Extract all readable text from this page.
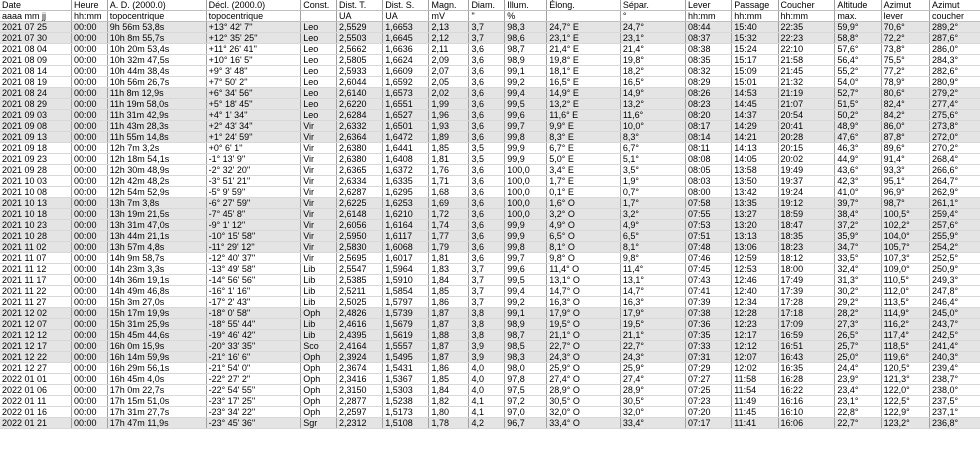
Date	Heure	A. D. (2000.0)	Décl. (2000.0)	Const.	Dist. T.	Dist. S.	Magn.	Diam.	Illum.	Élong.	Sépar.	Lever	Passage	Coucher	Altitude	Azimut	Azimut
aaaa mm jj	hh:mm	topocentrique	topocentrique		UA	UA	mV	"	%		°	hh:mm	hh:mm	hh:mm	max.	lever	coucher
2021 07 25	00:00	9h 56m 53,8s	+13° 42' 7''	Leo	2,5529	1,6653	2,13	3,7	98,3	24,7° E	24,7°	08:44	15:40	22:35	59,9°	70,6°	289,2°
2021 07 30	00:00	10h 8m 55,7s	+12° 35' 25''	Leo	2,5503	1,6645	2,12	3,7	98,6	23,1° E	23,1°	08:37	15:32	22:23	58,8°	72,2°	287,6°
2021 08 04	00:00	10h 20m 53,4s	+11° 26' 41''	Leo	2,5662	1,6636	2,11	3,6	98,7	21,4° E	21,4°	08:38	15:24	22:10	57,6°	73,8°	286,0°
2021 08 09	00:00	10h 32m 47,5s	+10° 16' 5''	Leo	2,5805	1,6624	2,09	3,6	98,9	19,8° E	19,8°	08:35	15:17	21:58	56,4°	75,5°	284,3°
2021 08 14	00:00	10h 44m 38,4s	+9° 3' 48''	Leo	2,5933	1,6609	2,07	3,6	99,1	18,1° E	18,2°	08:32	15:09	21:45	55,2°	77,2°	282,6°
2021 08 19	00:00	10h 56m 26,7s	+7° 50' 2''	Leo	2,6044	1,6592	2,05	3,6	99,2	16,5° E	16,5°	08:29	15:01	21:32	54,0°	78,9°	280,9°
2021 08 24	00:00	11h 8m 12,9s	+6° 34' 56''	Leo	2,6140	1,6573	2,02	3,6	99,4	14,9° E	14,9°	08:26	14:53	21:19	52,7°	80,6°	279,2°
2021 08 29	00:00	11h 19m 58,0s	+5° 18' 45''	Leo	2,6220	1,6551	1,99	3,6	99,5	13,2° E	13,2°	08:23	14:45	21:07	51,5°	82,4°	277,4°
2021 09 03	00:00	11h 31m 42,9s	+4° 1' 34''	Leo	2,6284	1,6527	1,96	3,6	99,6	11,6° E	11,6°	08:20	14:37	20:54	50,2°	84,2°	275,6°
2021 09 08	00:00	11h 43m 28,3s	+2° 43' 34''	Vir	2,6332	1,6501	1,93	3,6	99,7	9,9° E	10,0°	08:17	14:29	20:41	48,9°	86,0°	273,8°
2021 09 13	00:00	11h 55m 14,8s	+1° 24' 59''	Vir	2,6364	1,6472	1,89	3,6	99,8	8,3° E	8,3°	08:14	14:21	20:28	47,6°	87,8°	272,0°
2021 09 18	00:00	12h 7m 3,2s	+0° 6' 1''	Vir	2,6380	1,6441	1,85	3,5	99,9	6,7° E	6,7°	08:11	14:13	20:15	46,3°	89,6°	270,2°
2021 09 23	00:00	12h 18m 54,1s	-1° 13' 9''	Vir	2,6380	1,6408	1,81	3,5	99,9	5,0° E	5,1°	08:08	14:05	20:02	44,9°	91,4°	268,4°
2021 09 28	00:00	12h 30m 48,9s	-2° 32' 20''	Vir	2,6365	1,6372	1,76	3,6	100,0	3,4° E	3,5°	08:05	13:58	19:49	43,6°	93,3°	266,6°
2021 10 03	00:00	12h 42m 48,2s	-3° 51' 21''	Vir	2,6334	1,6335	1,71	3,6	100,0	1,7° E	1,9°	08:03	13:50	19:37	42,3°	95,1°	264,7°
2021 10 08	00:00	12h 54m 52,9s	-5° 9' 59''	Vir	2,6287	1,6295	1,68	3,6	100,0	0,1° E	0,7°	08:00	13:42	19:24	41,0°	96,9°	262,9°
2021 10 13	00:00	13h 7m 3,8s	-6° 27' 59''	Vir	2,6225	1,6253	1,69	3,6	100,0	1,6° O	1,7°	07:58	13:35	19:12	39,7°	98,7°	261,1°
2021 10 18	00:00	13h 19m 21,5s	-7° 45' 8''	Vir	2,6148	1,6210	1,72	3,6	100,0	3,2° O	3,2°	07:55	13:27	18:59	38,4°	100,5°	259,4°
2021 10 23	00:00	13h 31m 47,0s	-9° 1' 12''	Vir	2,6056	1,6164	1,74	3,6	99,9	4,9° O	4,9°	07:53	13:20	18:47	37,2°	102,2°	257,6°
2021 10 28	00:00	13h 44m 21,1s	-10° 15' 58''	Vir	2,5950	1,6117	1,77	3,6	99,9	6,5° O	6,5°	07:51	13:13	18:35	35,9°	104,0°	255,9°
2021 11 02	00:00	13h 57m 4,8s	-11° 29' 12''	Vir	2,5830	1,6068	1,79	3,6	99,8	8,1° O	8,1°	07:48	13:06	18:23	34,7°	105,7°	254,2°
2021 11 07	00:00	14h 9m 58,7s	-12° 40' 37''	Vir	2,5695	1,6017	1,81	3,6	99,7	9,8° O	9,8°	07:46	12:59	18:12	33,5°	107,3°	252,5°
2021 11 12	00:00	14h 23m 3,3s	-13° 49' 58''	Lib	2,5547	1,5964	1,83	3,7	99,6	11,4° O	11,4°	07:45	12:53	18:00	32,4°	109,0°	250,9°
2021 11 17	00:00	14h 36m 19,1s	-14° 56' 56''	Lib	2,5385	1,5910	1,84	3,7	99,5	13,1° O	13,1°	07:43	12:46	17:49	31,3°	110,5°	249,3°
2021 11 22	00:00	14h 49m 46,8s	-16° 1' 16''	Lib	2,5211	1,5854	1,85	3,7	99,4	14,7° O	14,7°	07:41	12:40	17:39	30,2°	112,0°	247,8°
2021 11 27	00:00	15h 3m 27,0s	-17° 2' 43''	Lib	2,5025	1,5797	1,86	3,7	99,2	16,3° O	16,3°	07:39	12:34	17:28	29,2°	113,5°	246,4°
2021 12 02	00:00	15h 17m 19,9s	-18° 0' 58''	Oph	2,4826	1,5739	1,87	3,8	99,1	17,9° O	17,9°	07:38	12:28	17:18	28,2°	114,9°	245,0°
2021 12 07	00:00	15h 31m 25,9s	-18° 55' 44''	Lib	2,4616	1,5679	1,87	3,8	98,9	19,5° O	19,5°	07:36	12:23	17:09	27,3°	116,2°	243,7°
2021 12 12	00:00	15h 45m 44,6s	-19° 46' 42''	Lib	2,4395	1,5619	1,88	3,8	98,7	21,1° O	21,1°	07:35	12:17	16:59	26,5°	117,4°	242,5°
2021 12 17	00:00	16h 0m 15,9s	-20° 33' 35''	Sco	2,4164	1,5557	1,87	3,9	98,5	22,7° O	22,7°	07:33	12:12	16:51	25,7°	118,5°	241,4°
2021 12 22	00:00	16h 14m 59,9s	-21° 16' 6''	Oph	2,3924	1,5495	1,87	3,9	98,3	24,3° O	24,3°	07:31	12:07	16:43	25,0°	119,6°	240,3°
2021 12 27	00:00	16h 29m 56,1s	-21° 54' 0''	Oph	2,3674	1,5431	1,86	4,0	98,0	25,9° O	25,9°	07:29	12:02	16:35	24,4°	120,5°	239,4°
2022 01 01	00:00	16h 45m 4,0s	-22° 27' 2''	Oph	2,3416	1,5367	1,85	4,0	97,8	27,4° O	27,4°	07:27	11:58	16:28	23,9°	121,3°	238,7°
2022 01 06	00:00	17h 0m 22,7s	-22° 54' 55''	Oph	2,3150	1,5303	1,84	4,0	97,5	28,9° O	28,9°	07:25	11:54	16:22	23,4°	122,0°	238,0°
2022 01 11	00:00	17h 15m 51,0s	-23° 17' 25''	Oph	2,2877	1,5238	1,82	4,1	97,2	30,5° O	30,5°	07:23	11:49	16:16	23,1°	122,5°	237,5°
2022 01 16	00:00	17h 31m 27,7s	-23° 34' 22''	Oph	2,2597	1,5173	1,80	4,1	97,0	32,0° O	32,0°	07:20	11:45	16:10	22,8°	122,9°	237,1°
2022 01 21	00:00	17h 47m 11,9s	-23° 45' 36''	Sgr	2,2312	1,5108	1,78	4,2	96,7	33,4° O	33,4°	07:17	11:41	16:06	22,7°	123,2°	236,8°
